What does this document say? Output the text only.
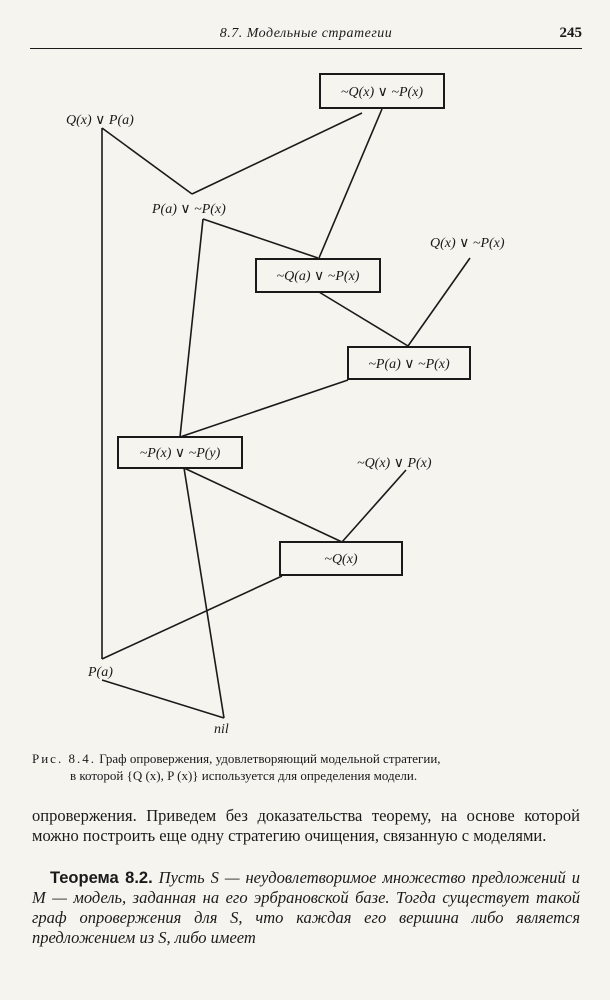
8.7. Модельные стратегии	245
~Q(x) ∨ ~P(x)
~Q(a) ∨ ~P(x)
~P(a) ∨ ~P(x)
~P(x) ∨ ~P(y)
~Q(x)
Q(x) ∨ P(a)
P(a) ∨ ~P(x)
Q(x) ∨ ~P(x)
~Q(x) ∨ P(x)
P(a)
nil
Рис. 8.4. Граф опровержения, удовлетворяющий модельной стратегии,
в которой {Q (x), P (x)} используется для определения модели.

опровержения. Приведем без доказательства теорему, на основе которой можно построить еще одну стратегию очищения, связанную с моделями.

Теорема 8.2. Пусть S — неудовлетворимое множество предложений и M — модель, заданная на его эрбрановской базе. Тогда существует такой граф опровержения для S, что каждая его вершина либо является предложением из S, либо имеет
